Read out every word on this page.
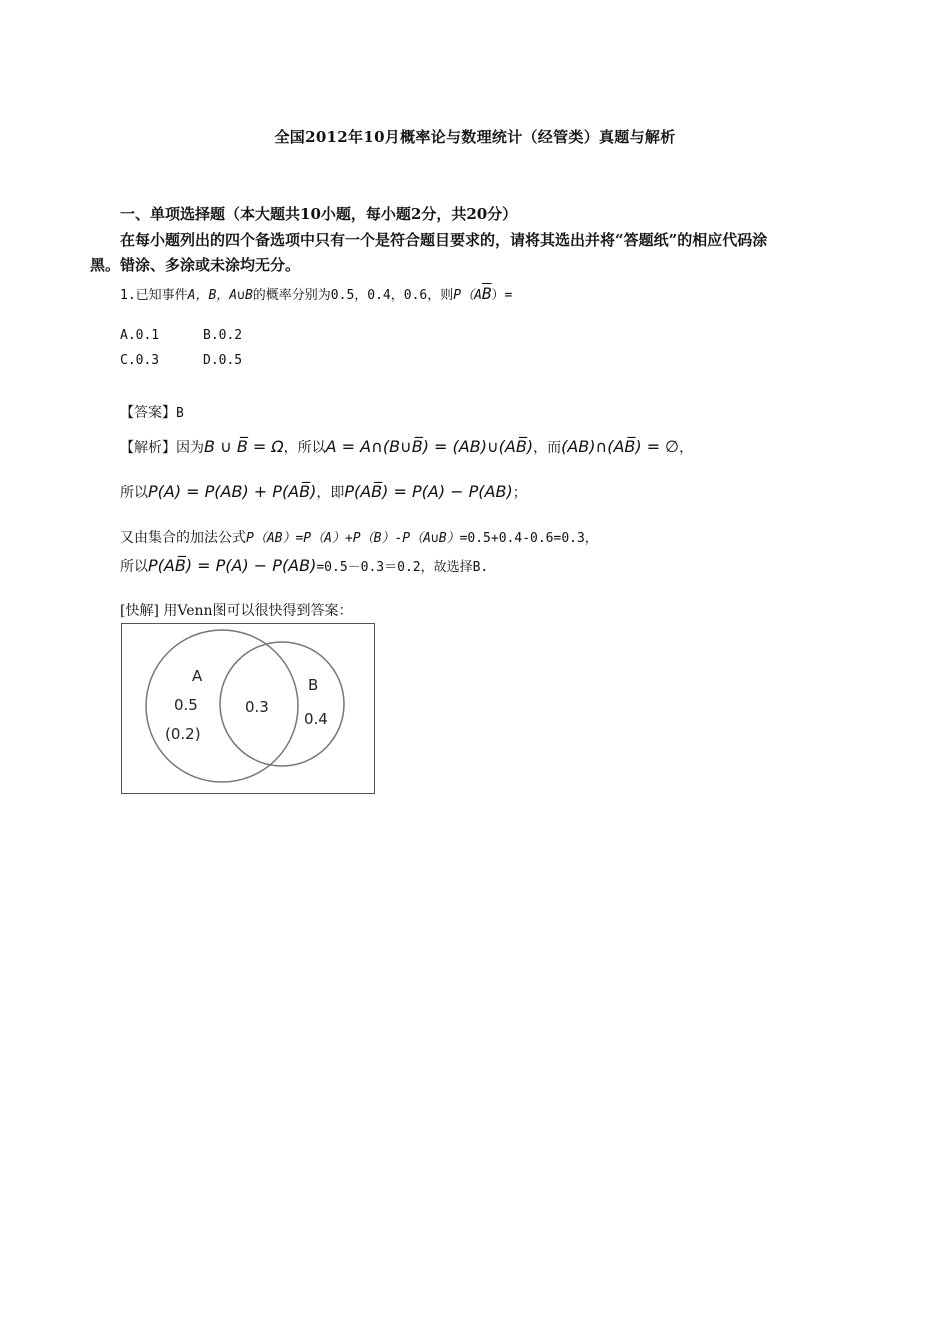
全国2012年10月概率论与数理统计（经管类）真题与解析
一、单项选择题（本大题共10小题，每小题2分，共20分）
在每小题列出的四个备选项中只有一个是符合题目要求的，请将其选出并将“答题纸”的相应代码涂
黑。错涂、多涂或未涂均无分。
1.已知事件A，B，A∪B的概率分别为0.5，0.4，0.6，则$P(A\overline{B})=$
A.0.1	B.0.2
C.0.3	D.0.5
【答案】B
【解析】因为B ∪ B̅ = Ω，所以A = A∩(B∪B̅) = (AB)∪(AB̅)，而(AB)∩(AB̅) = ∅，
所以P(A) = P(AB) + P(AB̅)，即P(AB̅) = P(A) − P(AB)；
又由集合的加法公式P（AB）=P（A）+P（B）-P（A∪B）=0.5+0.4-0.6=0.3，
所以P(AB̅) = P(A) − P(AB)=0.5－0.3＝0.2，故选择B.
[快解] 用Venn图可以很快得到答案：
A
0.5
(0.2)
0.3
B
0.4
